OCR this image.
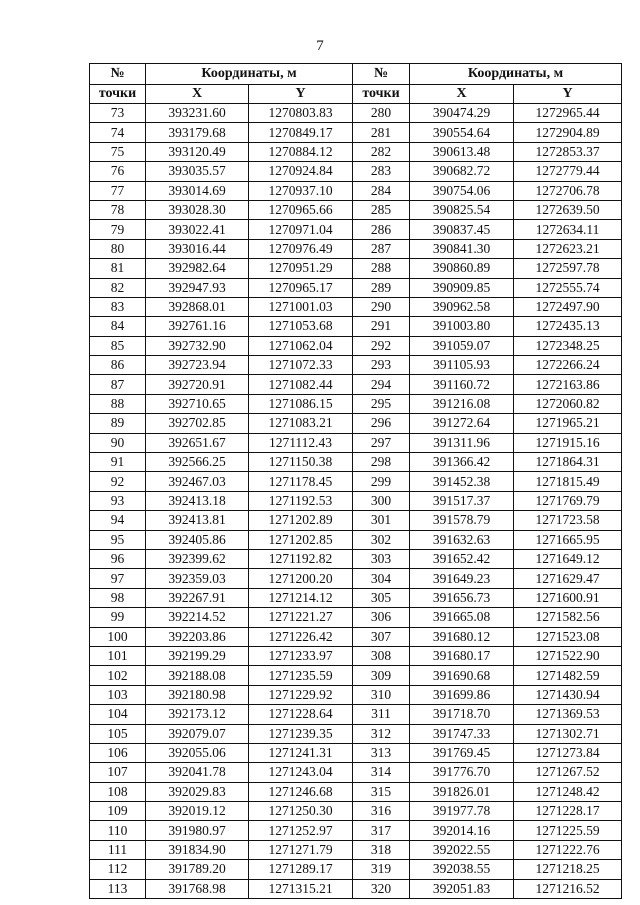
7
№	Координаты, м		№	Координаты, м	
точки	X	Y	точки	X	Y
73	393231.60	1270803.83	280	390474.29	1272965.44
74	393179.68	1270849.17	281	390554.64	1272904.89
75	393120.49	1270884.12	282	390613.48	1272853.37
76	393035.57	1270924.84	283	390682.72	1272779.44
77	393014.69	1270937.10	284	390754.06	1272706.78
78	393028.30	1270965.66	285	390825.54	1272639.50
79	393022.41	1270971.04	286	390837.45	1272634.11
80	393016.44	1270976.49	287	390841.30	1272623.21
81	392982.64	1270951.29	288	390860.89	1272597.78
82	392947.93	1270965.17	289	390909.85	1272555.74
83	392868.01	1271001.03	290	390962.58	1272497.90
84	392761.16	1271053.68	291	391003.80	1272435.13
85	392732.90	1271062.04	292	391059.07	1272348.25
86	392723.94	1271072.33	293	391105.93	1272266.24
87	392720.91	1271082.44	294	391160.72	1272163.86
88	392710.65	1271086.15	295	391216.08	1272060.82
89	392702.85	1271083.21	296	391272.64	1271965.21
90	392651.67	1271112.43	297	391311.96	1271915.16
91	392566.25	1271150.38	298	391366.42	1271864.31
92	392467.03	1271178.45	299	391452.38	1271815.49
93	392413.18	1271192.53	300	391517.37	1271769.79
94	392413.81	1271202.89	301	391578.79	1271723.58
95	392405.86	1271202.85	302	391632.63	1271665.95
96	392399.62	1271192.82	303	391652.42	1271649.12
97	392359.03	1271200.20	304	391649.23	1271629.47
98	392267.91	1271214.12	305	391656.73	1271600.91
99	392214.52	1271221.27	306	391665.08	1271582.56
100	392203.86	1271226.42	307	391680.12	1271523.08
101	392199.29	1271233.97	308	391680.17	1271522.90
102	392188.08	1271235.59	309	391690.68	1271482.59
103	392180.98	1271229.92	310	391699.86	1271430.94
104	392173.12	1271228.64	311	391718.70	1271369.53
105	392079.07	1271239.35	312	391747.33	1271302.71
106	392055.06	1271241.31	313	391769.45	1271273.84
107	392041.78	1271243.04	314	391776.70	1271267.52
108	392029.83	1271246.68	315	391826.01	1271248.42
109	392019.12	1271250.30	316	391977.78	1271228.17
110	391980.97	1271252.97	317	392014.16	1271225.59
111	391834.90	1271271.79	318	392022.55	1271222.76
112	391789.20	1271289.17	319	392038.55	1271218.25
113	391768.98	1271315.21	320	392051.83	1271216.52
